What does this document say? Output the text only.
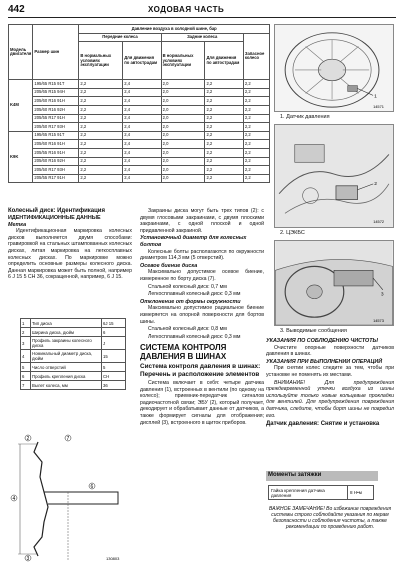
442	ХОДОВАЯ ЧАСТЬ
Модель двигателя	Размер шин	Давление воздуха в холодной шине, бар				
		Передние колеса		Задние колеса		Запасное колесо
		В нормальных условиях эксплуатации	Для движения по автострадам	В нормальных условиях эксплуатации	Для движения по автострадам	
K4M	195/65 R15 91T	2,2	2,4	2,0	2,2	2,2
	205/65 R15 94H	2,2	2,4	2,0	2,2	2,2
	205/60 R16 91H	2,2	2,4	2,0	2,2	2,2
	205/60 R16 92H	2,2	2,4	2,0	2,2	2,2
	205/55 R17 91H	2,2	2,4	2,0	2,2	2,2
	205/50 R17 93H	2,2	2,4	2,0	2,2	2,2
K9K	195/65 R15 91T	2,2	2,4	2,0	2,2	2,2
	205/60 R16 91H	2,2	2,4	2,0	2,2	2,2
	205/55 R16 91H	2,2	2,4	2,0	2,2	2,2
	205/60 R16 92H	2,2	2,4	2,0	2,2	2,2
	205/50 R17 93H	2,2	2,4	2,0	2,2	2,2
	205/55 R17 91H	2,2	2,4	2,0	2,2	2,2
1
14571
1. Датчик давления
2
14572
2. ЦЭКБС
3
14573
3. Выводимые сообщения
Колесный диск: Идентификация
ИДЕНТИФИКАЦИОННЫЕ ДАННЫЕ
Метка

Идентификационная маркировка колесных дисков выполняется двумя способами: гравировкой на стальных штампованных колесных дисках, литая маркировка на легкосплавных колесных дисках. По маркировке можно определить основные размеры колесного диска. Данная маркировка может быть полной, например 6 J 15 5 CH 36, сокращенной, например, 6 J 15.

1	Тип диска	6J 15
2	Ширина диска, дюйм	6
3	Профиль закраины колесного диска	J
4	Номинальный диаметр диска, дюйм	15
5	Число отверстий	5
6	Профиль крепления диска	CH
7	Вылет колеса, мм	36
2	7
4
6
3	130803

Закраины диска могут быть трех типов (2): с двумя глосовыми закраинами, с двумя плоскими закраинами, с одной плоской и одной придавленной закраиной.

Установочный диаметр для колесных болтов

Колесные болты располагаются по окружности диаметром 114,3 мм (5 отверстий).

Осевое биение диска

Максимально допустимое осевое биение, измеренное по борту диска (7).

Стальной колесный диск: 0,7 мм

Легкосплавный колесный диск: 0,3 мм

Отклонение от формы окружности

Максимально допустимое радиальное биение измеряется на опорной поверхности для бортов шины.

Стальной колесный диск: 0,8 мм

Легкосплавный колесный диск: 0,3 мм

СИСТЕМА КОНТРОЛЯ ДАВЛЕНИЯ В ШИНАХ
Система контроля давления в шинах: Перечень и расположение элементов

Система включает в себя: четыре датчика давления (1), встроенных в вентили (по одному на колесо); приемник-передатчик сигналов радиочастотной связи; ЭБУ (2), который получает, декодирует и обрабатывает данные от датчиков, а также формирует сигналы для отображения; дисплей (3), встроенного в щиток приборов.

УКАЗАНИЯ ПО СОБЛЮДЕНИЮ ЧИСТОТЫ

Очистите опорные поверхности датчиков давления в шинах.

УКАЗАНИЯ ПРИ ВЫПОЛНЕНИИ ОПЕРАЦИЙ

При снятии колес следите за тем, чтобы при установке не поменять их местами.

ВНИМАНИЕ! Для предупреждения преждевременной утечки воздуха из шины используйте только новые кольцевые прокладки для вентилей. Для предупреждения повреждения датчика, следите, чтобы борт шины не повредил его.

Датчик давления: Снятие и установка
Моменты затяжки
Гайка крепления датчика давления	8 Н•м
ВАЖНОЕ ЗАМЕЧАНИЕ! Во избежание повреждения системы строго соблюдайте указания по мерам безопасности и соблюдения чистоты, а также рекомендации по проведению работ.
